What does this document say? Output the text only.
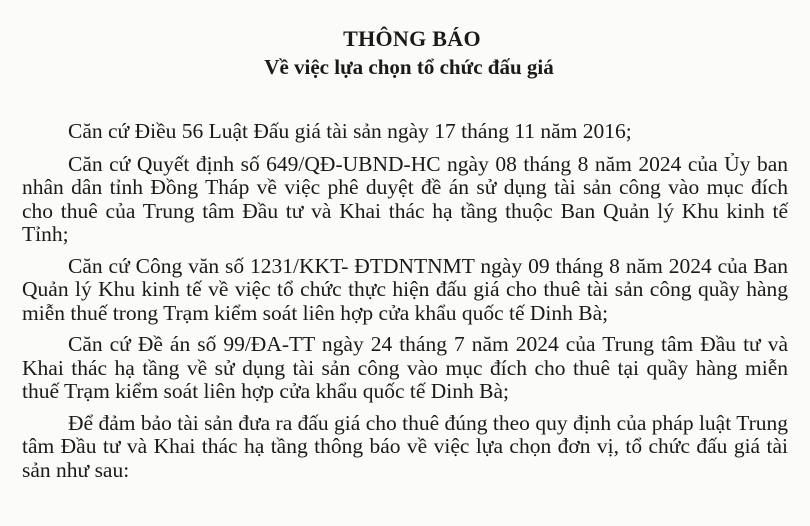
THÔNG BÁO
Về việc lựa chọn tổ chức đấu giá

Căn cứ Điều 56 Luật Đấu giá tài sản ngày 17 tháng 11 năm 2016;

Căn cứ Quyết định số 649/QĐ-UBND-HC ngày 08 tháng 8 năm 2024 của Ủy ban nhân dân tỉnh Đồng Tháp về việc phê duyệt đề án sử dụng tài sản công vào mục đích cho thuê của Trung tâm Đầu tư và Khai thác hạ tầng thuộc Ban Quản lý Khu kinh tế Tỉnh;

Căn cứ Công văn số 1231/KKT- ĐTDNTNMT ngày 09 tháng 8 năm 2024 của Ban Quản lý Khu kinh tế về việc tổ chức thực hiện đấu giá cho thuê tài sản công quầy hàng miễn thuế trong Trạm kiểm soát liên hợp cửa khẩu quốc tế Dinh Bà;

Căn cứ Đề án số 99/ĐA-TT ngày 24 tháng 7 năm 2024 của Trung tâm Đầu tư và Khai thác hạ tầng về sử dụng tài sản công vào mục đích cho thuê tại quầy hàng miễn thuế Trạm kiểm soát liên hợp cửa khẩu quốc tế Dinh Bà;

Để đảm bảo tài sản đưa ra đấu giá cho thuê đúng theo quy định của pháp luật Trung tâm Đầu tư và Khai thác hạ tầng thông báo về việc lựa chọn đơn vị, tổ chức đấu giá tài sản như sau:
